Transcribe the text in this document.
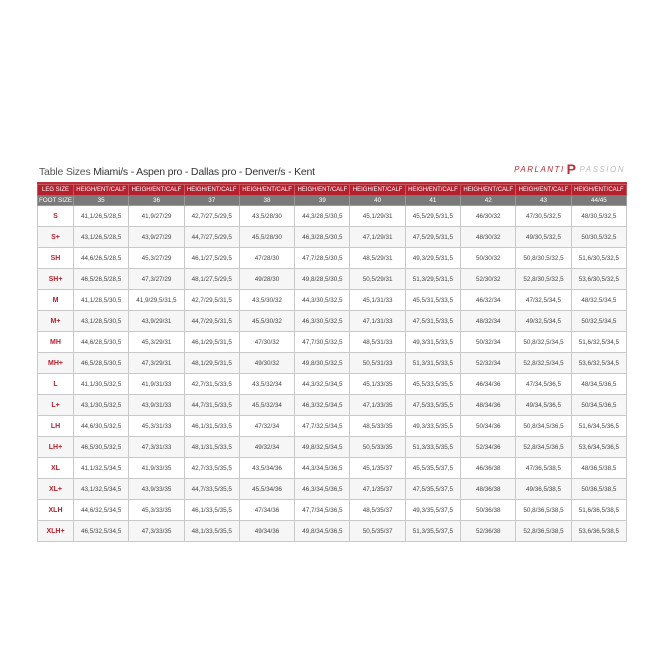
Table Sizes Miami/s - Aspen pro - Dallas pro - Denver/s - Kent	PARLANTI P PASSION
LEG SIZE	HEIGH/ENT/CALF	HEIGH/ENT/CALF	HEIGH/ENT/CALF	HEIGH/ENT/CALF	HEIGH/ENT/CALF	HEIGH/ENT/CALF	HEIGH/ENT/CALF	HEIGH/ENT/CALF	HEIGH/ENT/CALF	HEIGH/ENT/CALF
FOOT SIZE	35	36	37	38	39	40	41	42	43	44/45
S	41,1/26,5/28,5	41,9/27/29	42,7/27,5/29,5	43,5/28/30	44,3/28,5/30,5	45,1/29/31	45,5/29,5/31,5	46/30/32	47/30,5/32,5	48/30,5/32,5
S+	43,1/26,5/28,5	43,9/27/29	44,7/27,5/29,5	45,5/28/30	46,3/28,5/30,5	47,1/29/31	47,5/29,5/31,5	48/30/32	49/30,5/32,5	50/30,5/32,5
SH	44,6/26,5/28,5	45,3/27/29	46,1/27,5/29,5	47/28/30	47,7/28,5/30,5	48,5/29/31	49,3/29,5/31,5	50/30/32	50,8/30,5/32,5	51,6/30,5/32,5
SH+	46,5/26,5/28,5	47,3/27/29	48,1/27,5/29,5	49/28/30	49,8/28,5/30,5	50,5/29/31	51,3/29,5/31,5	52/30/32	52,8/30,5/32,5	53,6/30,5/32,5
M	41,1/28,5/30,5	41,9/29,5/31,5	42,7/29,5/31,5	43,5/30/32	44,3/30,5/32,5	45,1/31/33	45,5/31,5/33,5	46/32/34	47/32,5/34,5	48/32,5/34,5
M+	43,1/28,5/30,5	43,9/29/31	44,7/29,5/31,5	45,5/30/32	46,3/30,5/32,5	47,1/31/33	47,5/31,5/33,5	48/32/34	49/32,5/34,5	50/32,5/34,5
MH	44,6/28,5/30,5	45,3/29/31	46,1/29,5/31,5	47/30/32	47,7/30,5/32,5	48,5/31/33	49,3/31,5/33,5	50/32/34	50,8/32,5/34,5	51,6/32,5/34,5
MH+	46,5/28,5/30,5	47,3/29/31	48,1/29,5/31,5	49/30/32	49,8/30,5/32,5	50,5/31/33	51,3/31,5/33,5	52/32/34	52,8/32,5/34,5	53,6/32,5/34,5
L	41,1/30,5/32,5	41,9/31/33	42,7/31,5/33,5	43,5/32/34	44,3/32,5/34,5	45,1/33/35	45,5/33,5/35,5	46/34/36	47/34,5/36,5	48/34,5/36,5
L+	43,1/30,5/32,5	43,9/31/33	44,7/31,5/33,5	45,5/32/34	46,3/32,5/34,5	47,1/33/35	47,5/33,5/35,5	48/34/36	49/34,5/36,5	50/34,5/36,5
LH	44,6/30,5/32,5	45,3/31/33	46,1/31,5/33,5	47/32/34	47,7/32,5/34,5	48,5/33/35	49,3/33,5/35,5	50/34/36	50,8/34,5/36,5	51,6/34,5/36,5
LH+	46,5/30,5/32,5	47,3/31/33	48,1/31,5/33,5	49/32/34	49,8/32,5/34,5	50,5/33/35	51,3/33,5/35,5	52/34/36	52,8/34,5/36,5	53,6/34,5/36,5
XL	41,1/32,5/34,5	41,9/33/35	42,7/33,5/35,5	43,5/34/36	44,3/34,5/36,5	45,1/35/37	45,5/35,5/37,5	46/36/38	47/36,5/38,5	48/36,5/38,5
XL+	43,1/32,5/34,5	43,9/33/35	44,7/33,5/35,5	45,5/34/36	46,3/34,5/36,5	47,1/35/37	47,5/35,5/37,5	48/36/38	49/36,5/38,5	50/36,5/38,5
XLH	44,6/32,5/34,5	45,3/33/35	46,1/33,5/35,5	47/34/36	47,7/34,5/36,5	48,5/35/37	49,3/35,5/37,5	50/36/38	50,8/36,5/38,5	51,6/36,5/38,5
XLH+	46,5/32,5/34,5	47,3/33/35	48,1/33,5/35,5	49/34/36	49,8/34,5/36,5	50,5/35/37	51,3/35,5/37,5	52/36/38	52,8/36,5/38,5	53,6/36,5/38,5
